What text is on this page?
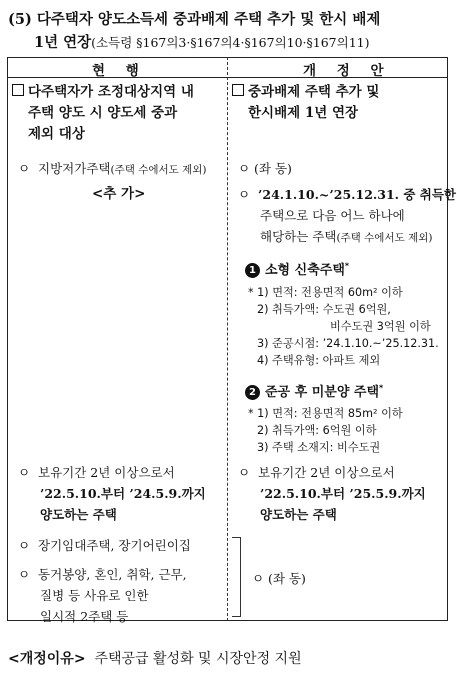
(5) 다주택자 양도소득세 중과배제 주택 추가 및 한시 배제
1년 연장(소득령 §167의3·§167의4·§167의10·§167의11)
현 행	개 정 안
다주택자가 조정대상지역 내
주택 양도 시 양도세 중과
제외 대상
ㅇ 지방저가주택(주택 수에서도 제외)
<추 가>
ㅇ 보유기간 2년 이상으로서
’22.5.10.부터 ’24.5.9.까지
양도하는 주택
ㅇ 장기임대주택, 장기어린이집
ㅇ 동거봉양, 혼인, 취학, 근무,
질병 등 사유로 인한
일시적 2주택 등
중과배제 주택 추가 및
한시배제 1년 연장
ㅇ (좌 동)
ㅇ ’24.1.10.~’25.12.31. 중 취득한
주택으로 다음 어느 하나에
해당하는 주택(주택 수에서도 제외)
1 소형 신축주택*
* 1) 면적: 전용면적 60m² 이하
2) 취득가액: 수도권 6억원,
비수도권 3억원 이하
3) 준공시점: ’24.1.10.~’25.12.31.
4) 주택유형: 아파트 제외
2 준공 후 미분양 주택*
* 1) 면적: 전용면적 85m² 이하
2) 취득가액: 6억원 이하
3) 주택 소재지: 비수도권
ㅇ 보유기간 2년 이상으로서
’22.5.10.부터 ’25.5.9.까지
양도하는 주택
ㅇ (좌 동)
<개정이유> 주택공급 활성화 및 시장안정 지원
